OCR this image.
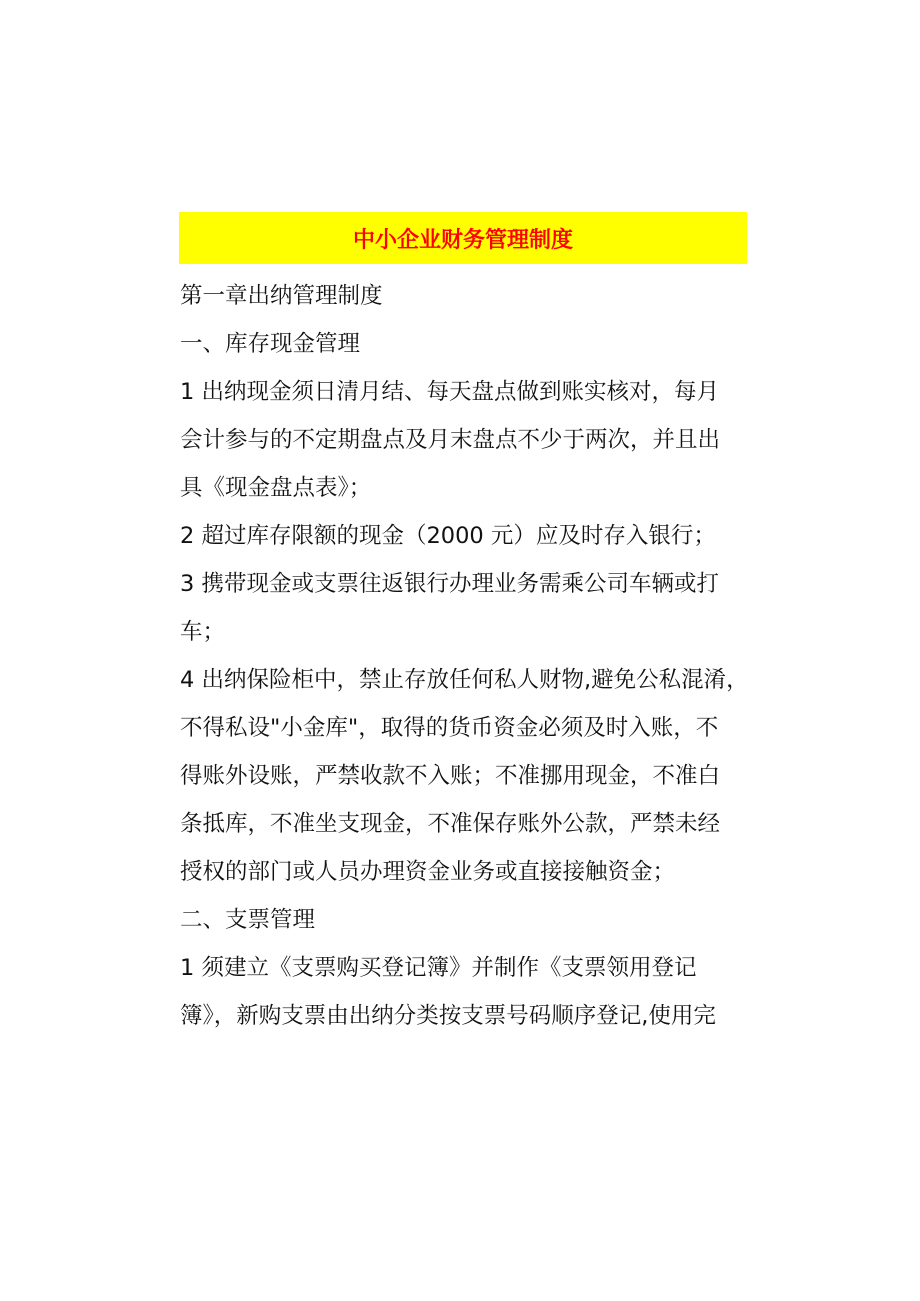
中小企业财务管理制度
第一章出纳管理制度
一、库存现金管理
1 出纳现金须日清月结、每天盘点做到账实核对，每月
会计参与的不定期盘点及月末盘点不少于两次，并且出
具《现金盘点表》；
2 超过库存限额的现金（2000 元）应及时存入银行；
3 携带现金或支票往返银行办理业务需乘公司车辆或打
车；
4 出纳保险柜中，禁止存放任何私人财物,避免公私混淆，
不得私设"小金库"，取得的货币资金必须及时入账，不
得账外设账，严禁收款不入账；不准挪用现金，不准白
条抵库，不准坐支现金，不准保存账外公款，严禁未经
授权的部门或人员办理资金业务或直接接触资金；
二、支票管理
1 须建立《支票购买登记簿》并制作《支票领用登记
簿》，新购支票由出纳分类按支票号码顺序登记,使用完
